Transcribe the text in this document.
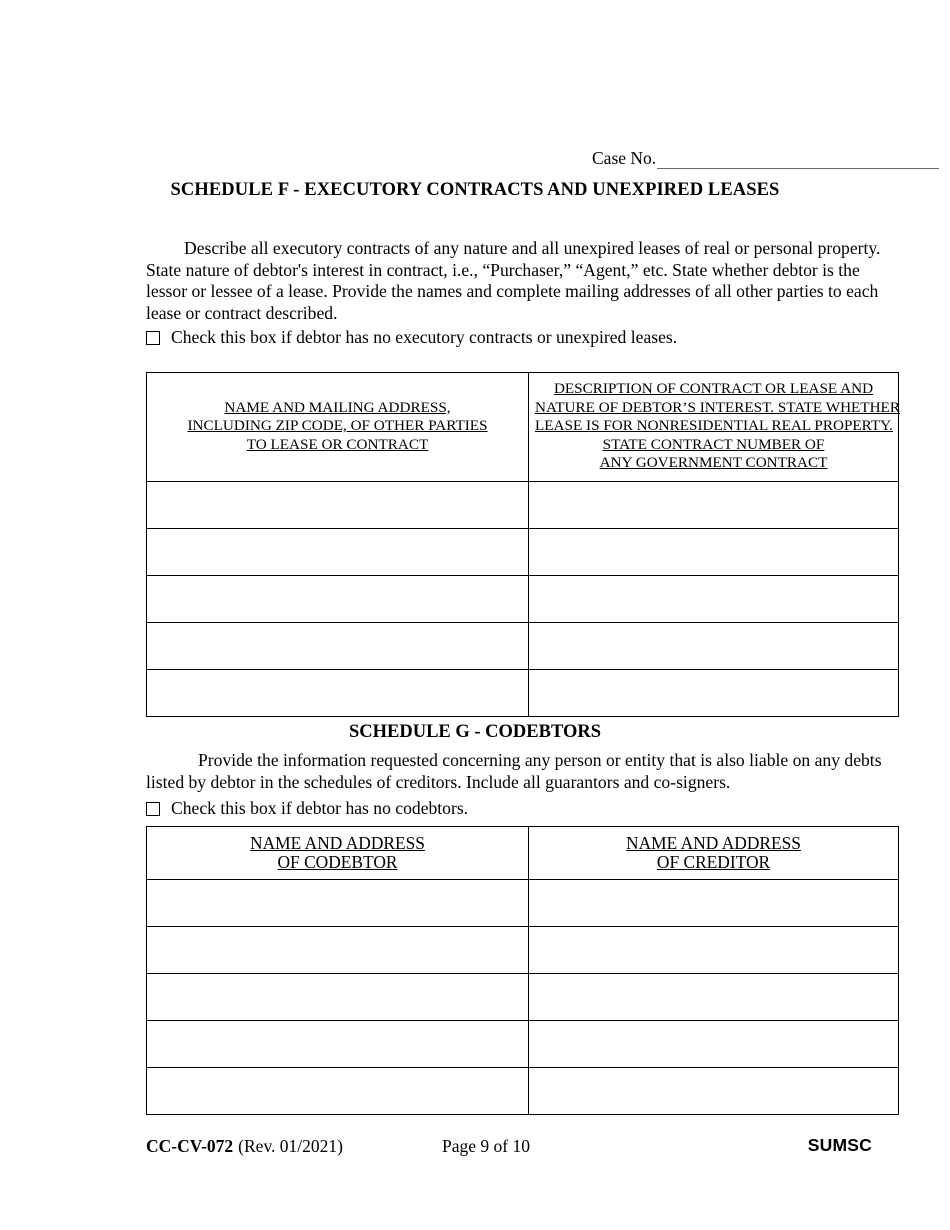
Case No.
SCHEDULE F - EXECUTORY CONTRACTS AND UNEXPIRED LEASES
Describe all executory contracts of any nature and all unexpired leases of real or personal property. State nature of debtor's interest in contract, i.e., “Purchaser,” “Agent,” etc. State whether debtor is the lessor or lessee of a lease. Provide the names and complete mailing addresses of all other parties to each lease or contract described.
Check this box if debtor has no executory contracts or unexpired leases.
NAME AND MAILING ADDRESS,
INCLUDING ZIP CODE, OF OTHER PARTIES
TO LEASE OR CONTRACT	DESCRIPTION OF CONTRACT OR LEASE AND
NATURE OF DEBTOR’S INTEREST. STATE WHETHER
LEASE IS FOR NONRESIDENTIAL REAL PROPERTY.
STATE CONTRACT NUMBER OF
ANY GOVERNMENT CONTRACT

SCHEDULE G - CODEBTORS
Provide the information requested concerning any person or entity that is also liable on any debts listed by debtor in the schedules of creditors. Include all guarantors and co-signers.
Check this box if debtor has no codebtors.
NAME AND ADDRESS
OF CODEBTOR	NAME AND ADDRESS
OF CREDITOR

CC-CV-072 (Rev. 01/2021)	Page 9 of 10	SUMSC
